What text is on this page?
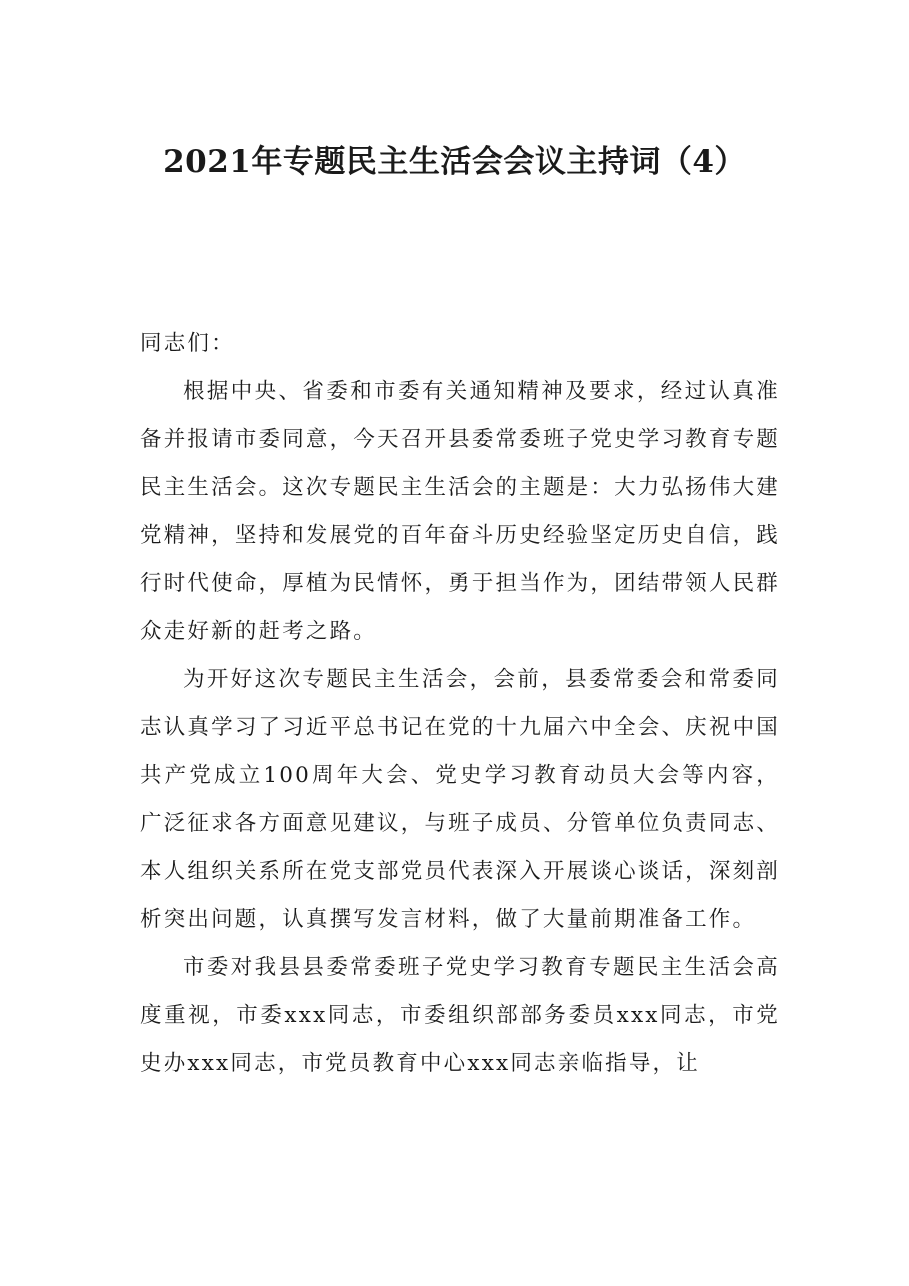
2021年专题民主生活会会议主持词（4）

同志们：

根据中央、省委和市委有关通知精神及要求，经过认真准备并报请市委同意，今天召开县委常委班子党史学习教育专题民主生活会。这次专题民主生活会的主题是：大力弘扬伟大建党精神，坚持和发展党的百年奋斗历史经验坚定历史自信，践行时代使命，厚植为民情怀，勇于担当作为，团结带领人民群众走好新的赶考之路。

为开好这次专题民主生活会，会前，县委常委会和常委同志认真学习了习近平总书记在党的十九届六中全会、庆祝中国共产党成立100周年大会、党史学习教育动员大会等内容，广泛征求各方面意见建议，与班子成员、分管单位负责同志、本人组织关系所在党支部党员代表深入开展谈心谈话，深刻剖析突出问题，认真撰写发言材料，做了大量前期准备工作。

市委对我县县委常委班子党史学习教育专题民主生活会高度重视，市委xxx同志，市委组织部部务委员xxx同志，市党史办xxx同志，市党员教育中心xxx同志亲临指导，让
